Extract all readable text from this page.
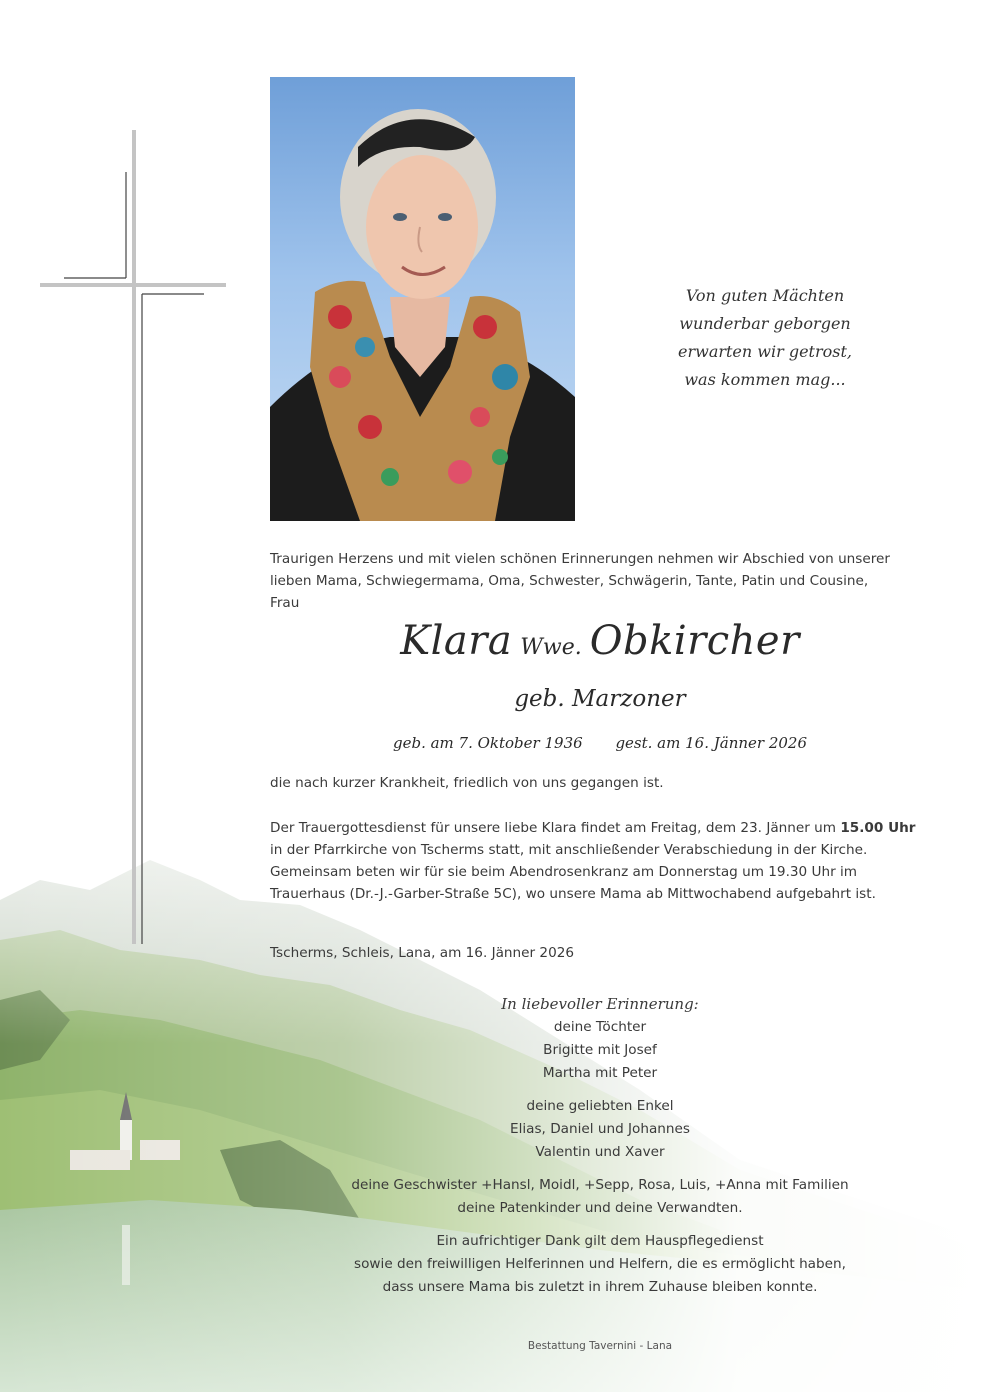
Von guten Mächten
wunderbar geborgen
erwarten wir getrost,
was kommen mag...
Traurigen Herzens und mit vielen schönen Erinnerungen nehmen wir Abschied von unserer
lieben Mama, Schwiegermama, Oma, Schwester, Schwägerin, Tante, Patin und Cousine,
Frau
Klara Wwe. Obkircher
geb. Marzoner
geb. am 7. Oktober 1936 gest. am 16. Jänner 2026
die nach kurzer Krankheit, friedlich von uns gegangen ist.
Der Trauergottesdienst für unsere liebe Klara findet am Freitag, dem 23. Jänner um 15.00 Uhr
in der Pfarrkirche von Tscherms statt, mit anschließender Verabschiedung in der Kirche.
Gemeinsam beten wir für sie beim Abendrosenkranz am Donnerstag um 19.30 Uhr im
Trauerhaus (Dr.-J.-Garber-Straße 5C), wo unsere Mama ab Mittwochabend aufgebahrt ist.
Tscherms, Schleis, Lana, am 16. Jänner 2026
In liebevoller Erinnerung:
deine Töchter
Brigitte mit Josef
Martha mit Peter
deine geliebten Enkel
Elias, Daniel und Johannes
Valentin und Xaver
deine Geschwister +Hansl, Moidl, +Sepp, Rosa, Luis, +Anna mit Familien
deine Patenkinder und deine Verwandten.
Ein aufrichtiger Dank gilt dem Hauspflegedienst
sowie den freiwilligen Helferinnen und Helfern, die es ermöglicht haben,
dass unsere Mama bis zuletzt in ihrem Zuhause bleiben konnte.
Bestattung Tavernini - Lana
